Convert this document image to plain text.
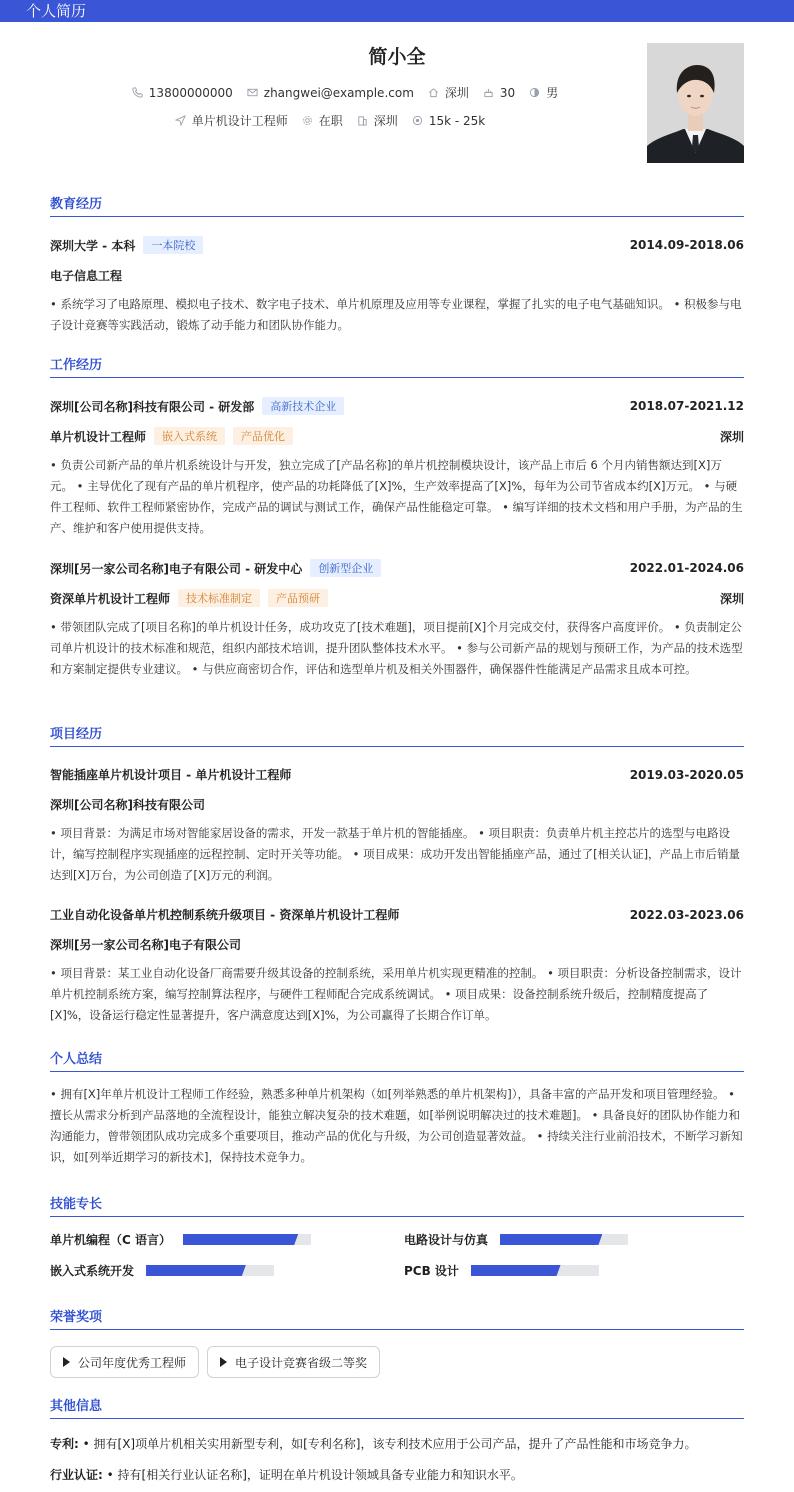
个人简历
简小全
13800000000	zhangwei@example.com	深圳	30	男
单片机设计工程师	在职	深圳	15k - 25k
教育经历
深圳大学 - 本科	一本院校	2014.09-2018.06
电子信息工程
• 系统学习了电路原理、模拟电子技术、数字电子技术、单片机原理及应用等专业课程，掌握了扎实的电子电气基础知识。 • 积极参与电子设计竞赛等实践活动，锻炼了动手能力和团队协作能力。
工作经历
深圳[公司名称]科技有限公司 - 研发部	高新技术企业	2018.07-2021.12
单片机设计工程师	嵌入式系统	产品优化	深圳
• 负责公司新产品的单片机系统设计与开发，独立完成了[产品名称]的单片机控制模块设计，该产品上市后 6 个月内销售额达到[X]万元。 • 主导优化了现有产品的单片机程序，使产品的功耗降低了[X]%，生产效率提高了[X]%，每年为公司节省成本约[X]万元。 • 与硬件工程师、软件工程师紧密协作，完成产品的调试与测试工作，确保产品性能稳定可靠。 • 编写详细的技术文档和用户手册，为产品的生产、维护和客户使用提供支持。
深圳[另一家公司名称]电子有限公司 - 研发中心	创新型企业	2022.01-2024.06
资深单片机设计工程师	技术标准制定	产品预研	深圳
• 带领团队完成了[项目名称]的单片机设计任务，成功攻克了[技术难题]，项目提前[X]个月完成交付，获得客户高度评价。 • 负责制定公司单片机设计的技术标准和规范，组织内部技术培训，提升团队整体技术水平。 • 参与公司新产品的规划与预研工作，为产品的技术选型和方案制定提供专业建议。 • 与供应商密切合作，评估和选型单片机及相关外围器件，确保器件性能满足产品需求且成本可控。
项目经历
智能插座单片机设计项目 - 单片机设计工程师	2019.03-2020.05
深圳[公司名称]科技有限公司
• 项目背景：为满足市场对智能家居设备的需求，开发一款基于单片机的智能插座。 • 项目职责：负责单片机主控芯片的选型与电路设计，编写控制程序实现插座的远程控制、定时开关等功能。 • 项目成果：成功开发出智能插座产品，通过了[相关认证]，产品上市后销量达到[X]万台，为公司创造了[X]万元的利润。
工业自动化设备单片机控制系统升级项目 - 资深单片机设计工程师	2022.03-2023.06
深圳[另一家公司名称]电子有限公司
• 项目背景：某工业自动化设备厂商需要升级其设备的控制系统，采用单片机实现更精准的控制。 • 项目职责：分析设备控制需求，设计单片机控制系统方案，编写控制算法程序，与硬件工程师配合完成系统调试。 • 项目成果：设备控制系统升级后，控制精度提高了[X]%，设备运行稳定性显著提升，客户满意度达到[X]%，为公司赢得了长期合作订单。
个人总结
• 拥有[X]年单片机设计工程师工作经验，熟悉多种单片机架构（如[列举熟悉的单片机架构]），具备丰富的产品开发和项目管理经验。 • 擅长从需求分析到产品落地的全流程设计，能独立解决复杂的技术难题，如[举例说明解决过的技术难题]。 • 具备良好的团队协作能力和沟通能力，曾带领团队成功完成多个重要项目，推动产品的优化与升级，为公司创造显著效益。 • 持续关注行业前沿技术，不断学习新知识，如[列举近期学习的新技术]，保持技术竞争力。
技能专长
单片机编程（C 语言）	电路设计与仿真
嵌入式系统开发	PCB 设计
荣誉奖项
公司年度优秀工程师	电子设计竞赛省级二等奖
其他信息
专利: • 拥有[X]项单片机相关实用新型专利，如[专利名称]，该专利技术应用于公司产品，提升了产品性能和市场竞争力。
行业认证: • 持有[相关行业认证名称]，证明在单片机设计领域具备专业能力和知识水平。
